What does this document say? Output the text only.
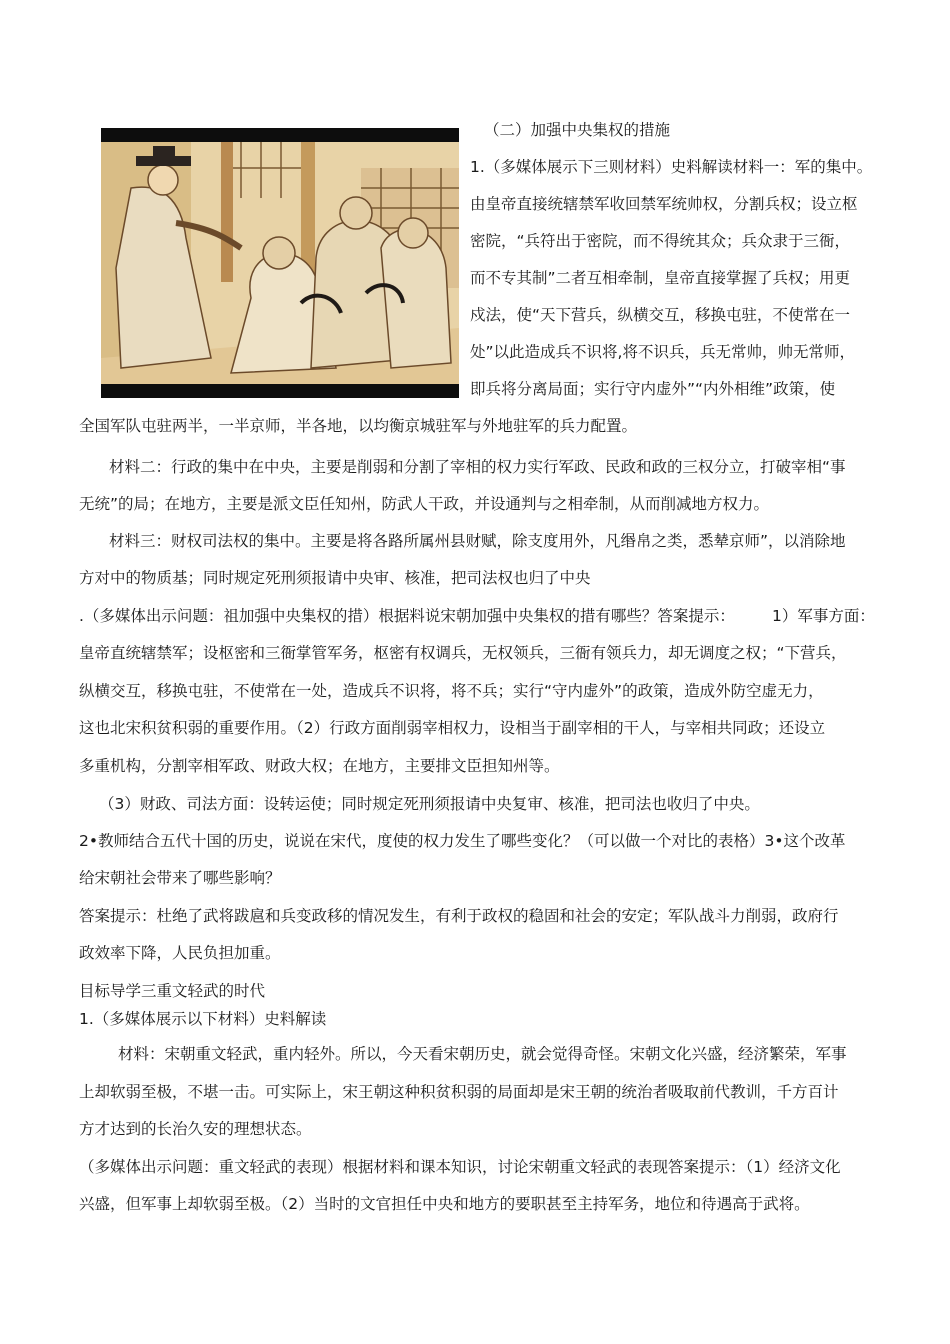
（二）加强中央集权的措施
1.（多媒体展示下三则材料）史料解读材料一：军的集中。
由皇帝直接统辖禁军收回禁军统帅权，分割兵权；设立枢
密院，“兵符出于密院，而不得统其众；兵众隶于三衙，
而不专其制”二者互相牵制，皇帝直接掌握了兵权；用更
戍法，使“天下营兵，纵横交互，移换屯驻，不使常在一
处”以此造成兵不识将,将不识兵，兵无常帅，帅无常师，
即兵将分离局面；实行守内虚外”“内外相维”政策，使
全国军队屯驻两半，一半京师，半各地，以均衡京城驻军与外地驻军的兵力配置。
材料二：行政的集中在中央，主要是削弱和分割了宰相的权力实行军政、民政和政的三权分立，打破宰相“事
无统”的局；在地方，主要是派文臣任知州，防武人干政，并设通判与之相牵制，从而削减地方权力。
材料三：财权司法权的集中。主要是将各路所属州县财赋，除支度用外，凡缗帛之类，悉辇京师”，以消除地
方对中的物质基；同时规定死刑须报请中央审、核准，把司法权也归了中央
.（多媒体出示问题：祖加强中央集权的措）根据料说宋朝加强中央集权的措有哪些？答案提示： 1）军事方面：
皇帝直统辖禁军；设枢密和三衙掌管军务，枢密有权调兵，无权领兵，三衙有领兵力，却无调度之权；“下营兵，
纵横交互，移换屯驻，不使常在一处，造成兵不识将，将不兵；实行“守内虚外”的政策，造成外防空虚无力，
这也北宋积贫积弱的重要作用。（2）行政方面削弱宰相权力，设相当于副宰相的干人，与宰相共同政；还设立
多重机构，分割宰相军政、财政大权；在地方，主要排文臣担知州等。
（3）财政、司法方面：设转运使；同时规定死刑须报请中央复审、核准，把司法也收归了中央。
2•教师结合五代十国的历史，说说在宋代，度使的权力发生了哪些变化？（可以做一个对比的表格）3•这个改革
给宋朝社会带来了哪些影响？
答案提示：杜绝了武将跋扈和兵变政移的情况发生，有利于政权的稳固和社会的安定；军队战斗力削弱，政府行
政效率下降，人民负担加重。
目标导学三重文轻武的时代
1.（多媒体展示以下材料）史料解读
材料：宋朝重文轻武，重内轻外。所以，今天看宋朝历史，就会觉得奇怪。宋朝文化兴盛，经济繁荣，军事
上却软弱至极，不堪一击。可实际上，宋王朝这种积贫积弱的局面却是宋王朝的统治者吸取前代教训，千方百计
方才达到的长治久安的理想状态。
（多媒体出示问题：重文轻武的表现）根据材料和课本知识，讨论宋朝重文轻武的表现答案提示：（1）经济文化
兴盛，但军事上却软弱至极。（2）当时的文官担任中央和地方的要职甚至主持军务，地位和待遇高于武将。
